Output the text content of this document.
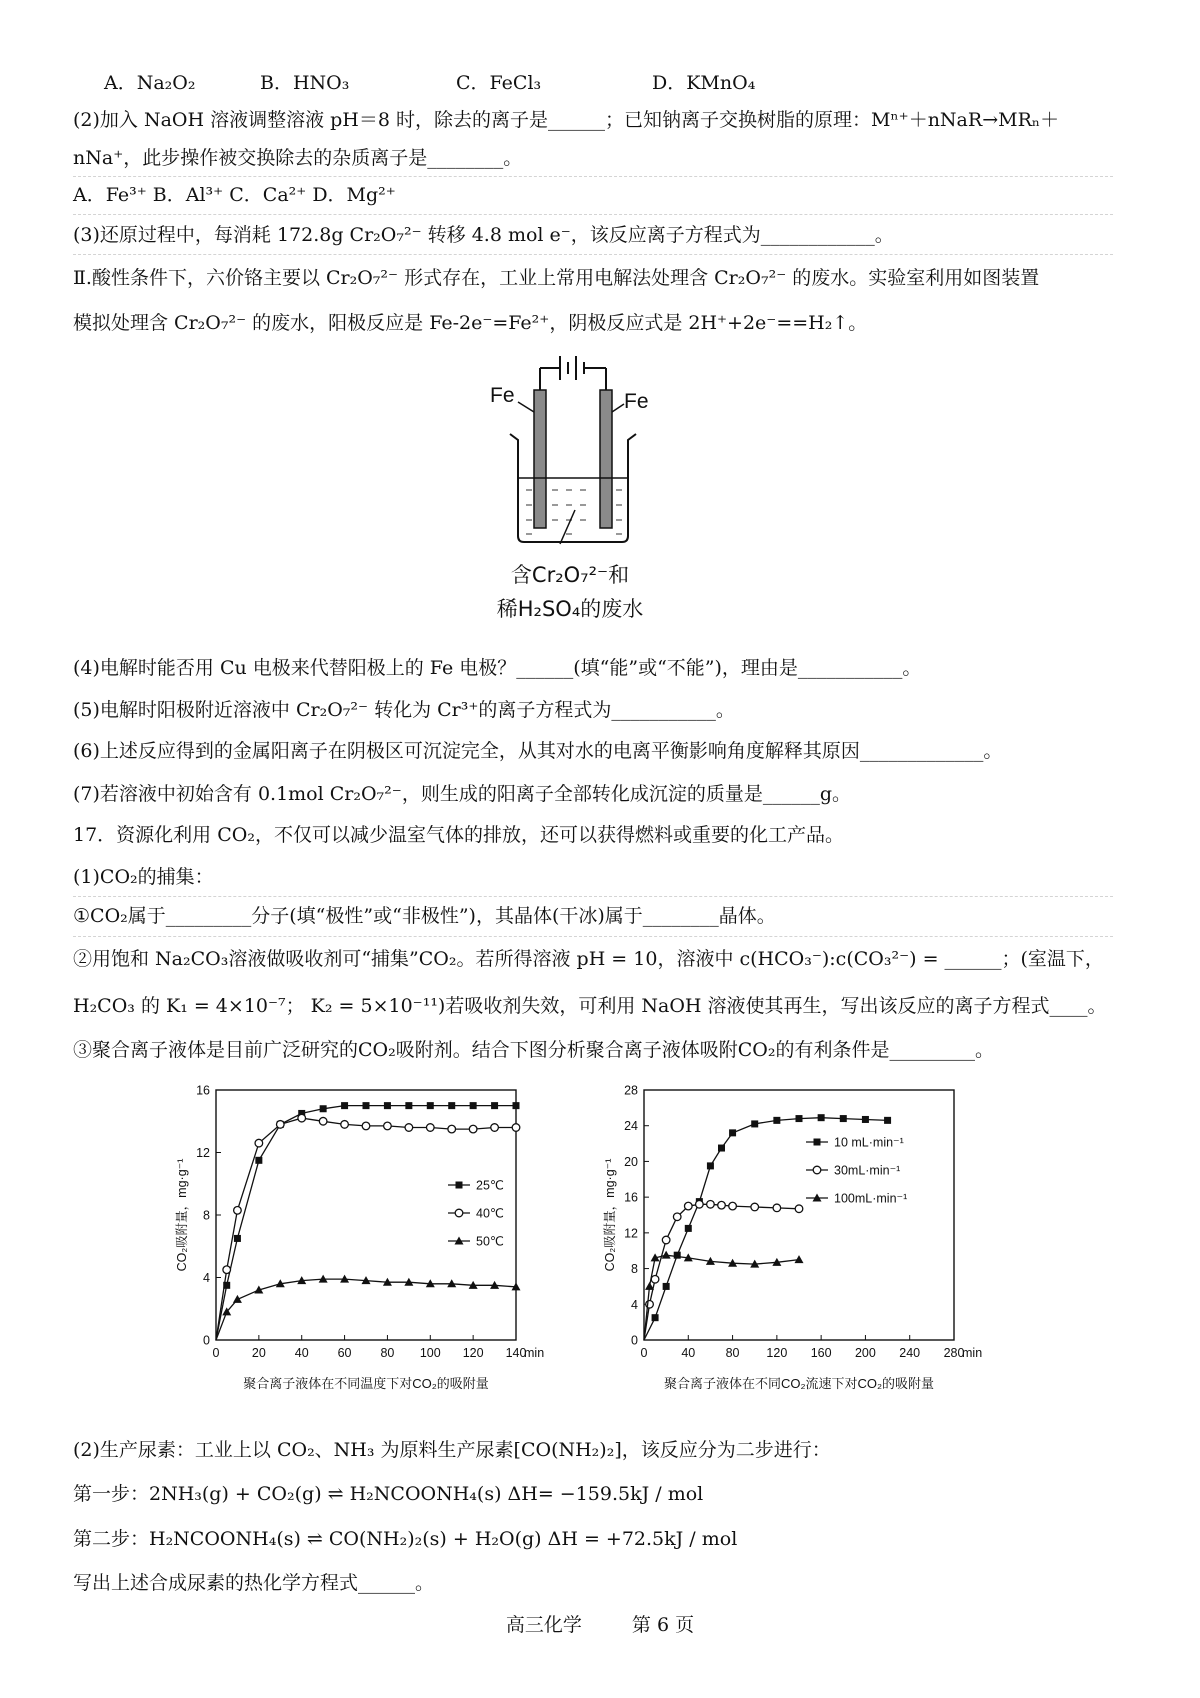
A．Na₂O₂	B．HNO₃	C．FeCl₃	D．KMnO₄
(2)加入 NaOH 溶液调整溶液 pH＝8 时，除去的离子是______；已知钠离子交换树脂的原理：Mⁿ⁺＋nNaR→MRₙ＋
nNa⁺，此步操作被交换除去的杂质离子是________。
A．Fe³⁺ B．Al³⁺ C．Ca²⁺ D．Mg²⁺
(3)还原过程中，每消耗 172.8g Cr₂O₇²⁻ 转移 4.8 mol e⁻，该反应离子方程式为____________。
Ⅱ.酸性条件下，六价铬主要以 Cr₂O₇²⁻ 形式存在，工业上常用电解法处理含 Cr₂O₇²⁻ 的废水。实验室利用如图装置
模拟处理含 Cr₂O₇²⁻ 的废水，阳极反应是 Fe-2e⁻=Fe²⁺，阴极反应式是 2H⁺+2e⁻==H₂↑。
Fe	Fe
含Cr₂O₇²⁻和
稀H₂SO₄的废水
(4)电解时能否用 Cu 电极来代替阳极上的 Fe 电极？______(填“能”或“不能”)，理由是___________。
(5)电解时阳极附近溶液中 Cr₂O₇²⁻ 转化为 Cr³⁺的离子方程式为___________。
(6)上述反应得到的金属阳离子在阴极区可沉淀完全，从其对水的电离平衡影响角度解释其原因_____________。
(7)若溶液中初始含有 0.1mol Cr₂O₇²⁻，则生成的阳离子全部转化成沉淀的质量是______g。
17．资源化利用 CO₂，不仅可以减少温室气体的排放，还可以获得燃料或重要的化工产品。
(1)CO₂的捕集：
①CO₂属于_________分子(填“极性”或“非极性”)，其晶体(干冰)属于________晶体。
②用饱和 Na₂CO₃溶液做吸收剂可“捕集”CO₂。若所得溶液 pH = 10，溶液中 c(HCO₃⁻):c(CO₃²⁻) = ______；(室温下，
H₂CO₃ 的 K₁ = 4×10⁻⁷； K₂ = 5×10⁻¹¹)若吸收剂失效，可利用 NaOH 溶液使其再生，写出该反应的离子方程式____。
③聚合离子液体是目前广泛研究的CO₂吸附剂。结合下图分析聚合离子液体吸附CO₂的有利条件是_________。
0	20 40 60 80 100 120 140
0
4
8
12
16
min
CO₂吸附量，mg·g⁻¹	25℃
40℃
50℃
聚合离子液体在不同温度下对CO₂的吸附量
0	40 80 120 160 200 240 280
0
4
8
12
16
20
24
28
min
CO₂吸附量，mg·g⁻¹
10 mL·min⁻¹
30mL·min⁻¹
100mL·min⁻¹
聚合离子液体在不同CO₂流速下对CO₂的吸附量
(2)生产尿素：工业上以 CO₂、NH₃ 为原料生产尿素[CO(NH₂)₂]，该反应分为二步进行：
第一步：2NH₃(g) + CO₂(g) ⇌ H₂NCOONH₄(s) ΔH= −159.5kJ / mol
第二步：H₂NCOONH₄(s) ⇌ CO(NH₂)₂(s) + H₂O(g) ΔH = +72.5kJ / mol
写出上述合成尿素的热化学方程式______。
高三化学	第 6 页
